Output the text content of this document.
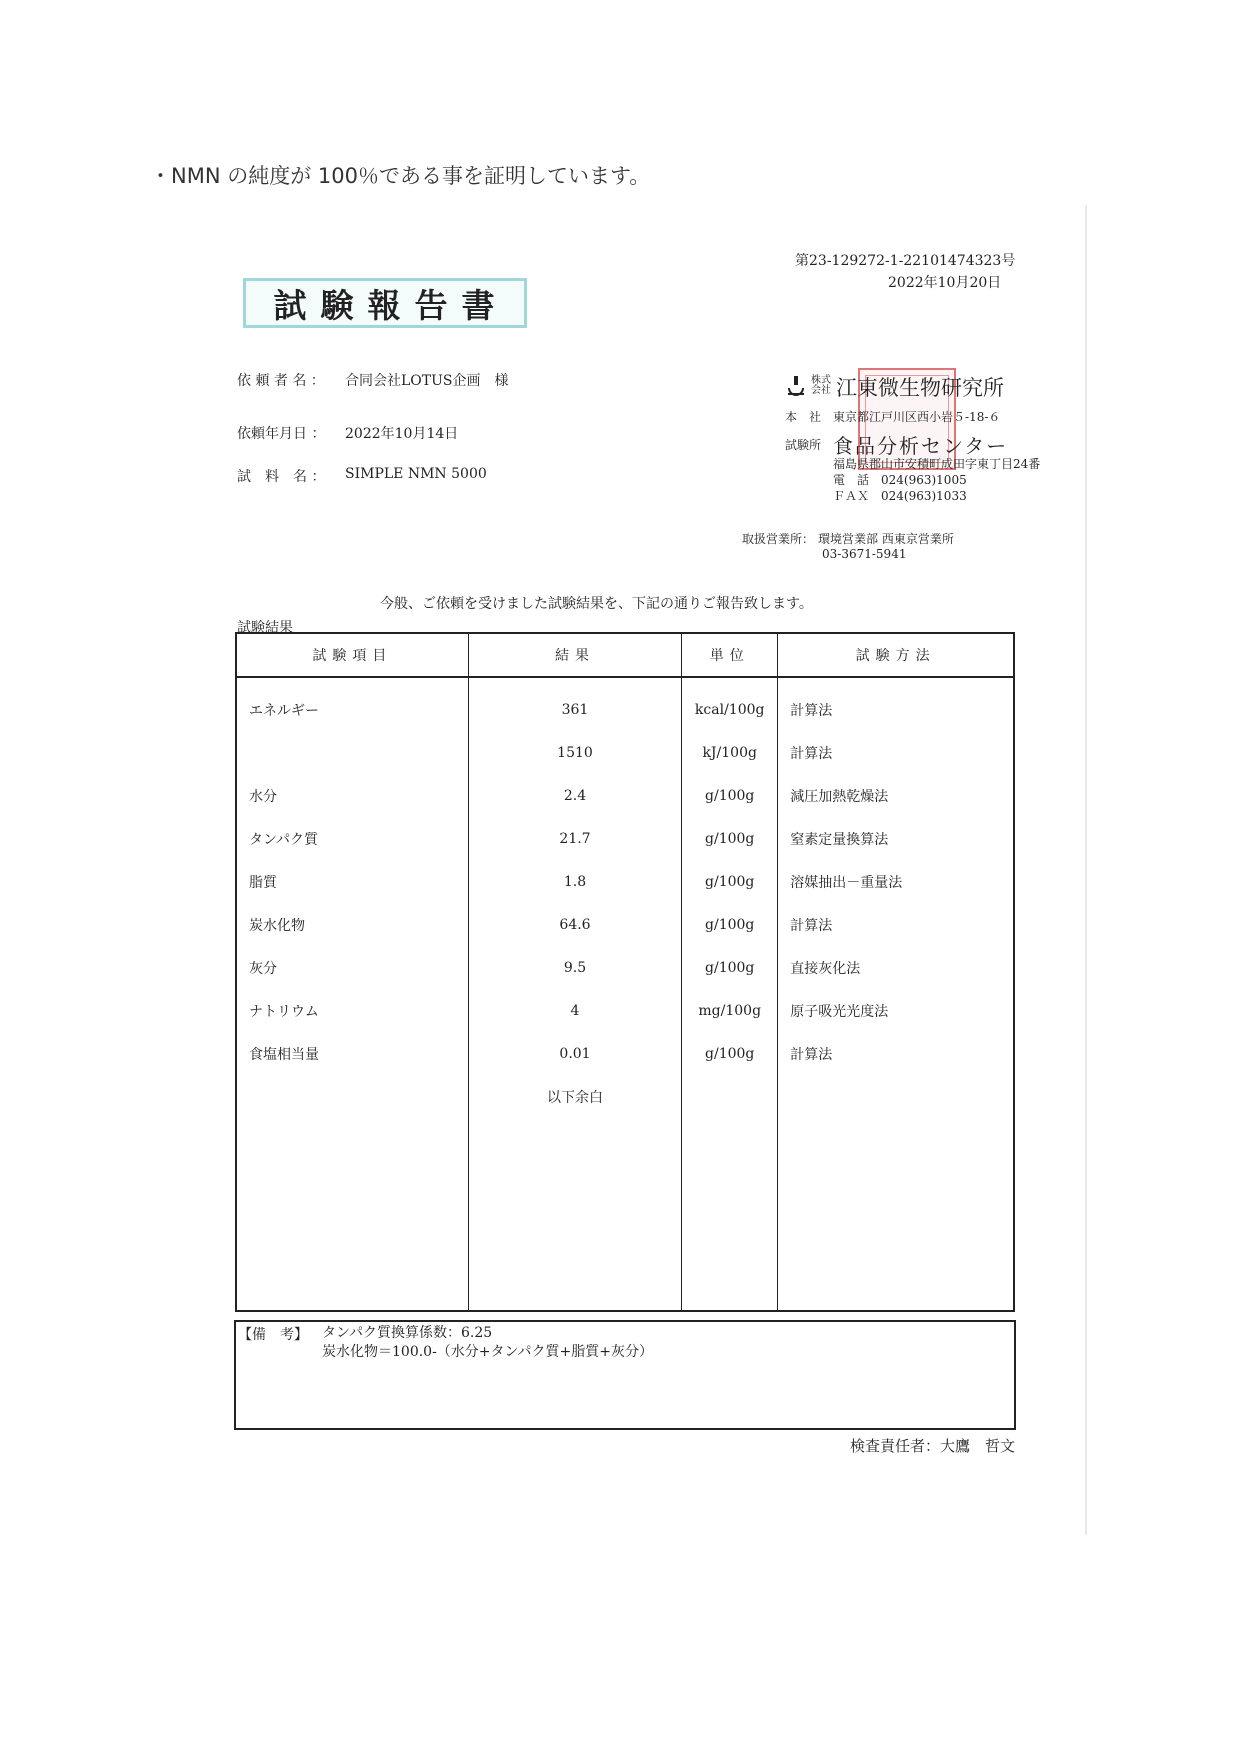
・NMN の純度が 100％である事を証明しています。
第23-129272-1-22101474323号
2022年10月20日
試験報告書
依 頼 者 名 ： 合同会社LOTUS企画　様
依頼年月日 ： 2022年10月14日
試　料　名 ： SIMPLE NMN 5000
株式会社 江東微生物研究所
本　社 東京都江戸川区西小岩５-18-６
試験所 食品分析センター
福島県郡山市安積町成田字東丁目24番
電　話　024(963)1005
ＦＡＸ　024(963)1033
取扱営業所： 環境営業部 西東京営業所
03-3671-5941
今般、ご依頼を受けました試験結果を、下記の通りご報告致します。
試験結果
試験項目	結果	単位	試験方法
エネルギー	361	kcal/100g	計算法
	1510	kJ/100g	計算法
水分	2.4	g/100g	減圧加熱乾燥法
タンパク質	21.7	g/100g	窒素定量換算法
脂質	1.8	g/100g	溶媒抽出－重量法
炭水化物	64.6	g/100g	計算法
灰分	9.5	g/100g	直接灰化法
ナトリウム	4	mg/100g	原子吸光光度法
食塩相当量	0.01	g/100g	計算法
	以下余白		

【備　考】 タンパク質換算係数：6.25
炭水化物＝100.0-（水分+タンパク質+脂質+灰分）
検査責任者：大鷹　哲文
